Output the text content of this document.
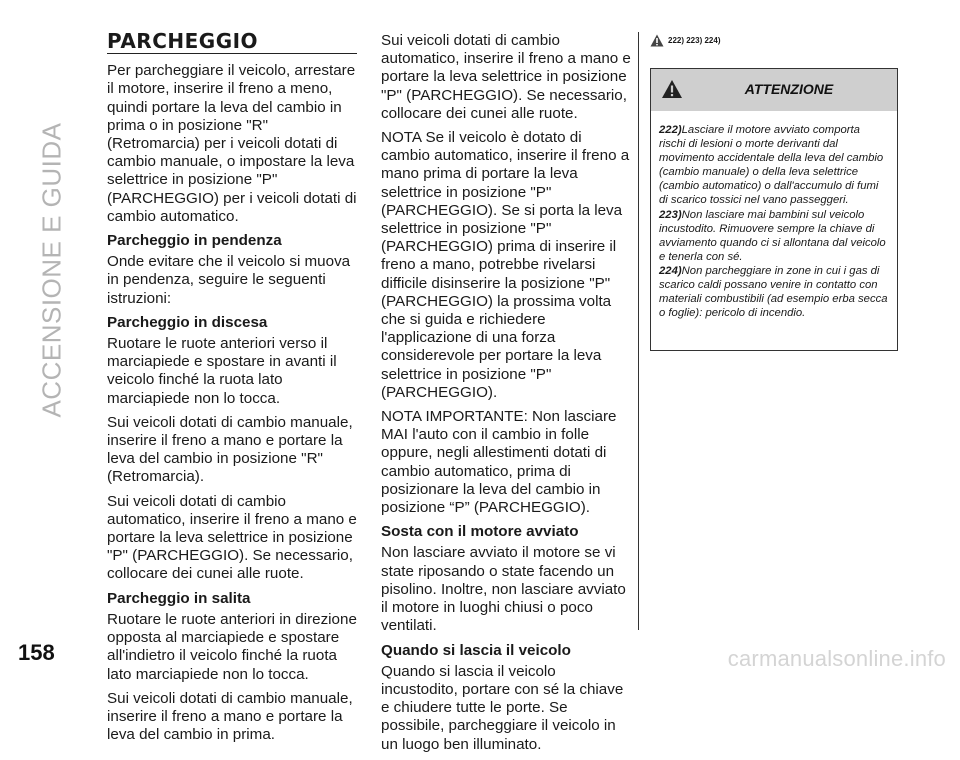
ACCENSIONE E GUIDA
158
PARCHEGGIO

Per parcheggiare il veicolo, arrestare il motore, inserire il freno a meno, quindi portare la leva del cambio in prima o in posizione "R" (Retromarcia) per i veicoli dotati di cambio manuale, o impostare la leva selettrice in posizione "P" (PARCHEGGIO) per i veicoli dotati di cambio automatico.

Parcheggio in pendenza

Onde evitare che il veicolo si muova in pendenza, seguire le seguenti istruzioni:

Parcheggio in discesa

Ruotare le ruote anteriori verso il marciapiede e spostare in avanti il veicolo finché la ruota lato marciapiede non lo tocca.

Sui veicoli dotati di cambio manuale, inserire il freno a mano e portare la leva del cambio in posizione "R" (Retromarcia).

Sui veicoli dotati di cambio automatico, inserire il freno a mano e portare la leva selettrice in posizione "P" (PARCHEGGIO). Se necessario, collocare dei cunei alle ruote.

Parcheggio in salita

Ruotare le ruote anteriori in direzione opposta al marciapiede e spostare all'indietro il veicolo finché la ruota lato marciapiede non lo tocca.

Sui veicoli dotati di cambio manuale, inserire il freno a mano e portare la leva del cambio in prima.

Sui veicoli dotati di cambio automatico, inserire il freno a mano e portare la leva selettrice in posizione "P" (PARCHEGGIO). Se necessario, collocare dei cunei alle ruote.

NOTA Se il veicolo è dotato di cambio automatico, inserire il freno a mano prima di portare la leva selettrice in posizione "P" (PARCHEGGIO). Se si porta la leva selettrice in posizione "P" (PARCHEGGIO) prima di inserire il freno a mano, potrebbe rivelarsi difficile disinserire la posizione "P" (PARCHEGGIO) la prossima volta che si guida e richiedere l'applicazione di una forza considerevole per portare la leva selettrice in posizione "P" (PARCHEGGIO).

NOTA IMPORTANTE: Non lasciare MAI l'auto con il cambio in folle oppure, negli allestimenti dotati di cambio automatico, prima di posizionare la leva del cambio in posizione “P” (PARCHEGGIO).

Sosta con il motore avviato

Non lasciare avviato il motore se vi state riposando o state facendo un pisolino. Inoltre, non lasciare avviato il motore in luoghi chiusi o poco ventilati.

Quando si lascia il veicolo

Quando si lascia il veicolo incustodito, portare con sé la chiave e chiudere tutte le porte. Se possibile, parcheggiare il veicolo in un luogo ben illuminato.

222) 223) 224)
ATTENZIONE

222)Lasciare il motore avviato comporta rischi di lesioni o morte derivanti dal movimento accidentale della leva del cambio (cambio manuale) o della leva selettrice (cambio automatico) o dall'accumulo di fumi di scarico tossici nel vano passeggeri.

223)Non lasciare mai bambini sul veicolo incustodito. Rimuovere sempre la chiave di avviamento quando ci si allontana dal veicolo e tenerla con sé.

224)Non parcheggiare in zone in cui i gas di scarico caldi possano venire in contatto con materiali combustibili (ad esempio erba secca o foglie): pericolo di incendio.

carmanualsonline.info
